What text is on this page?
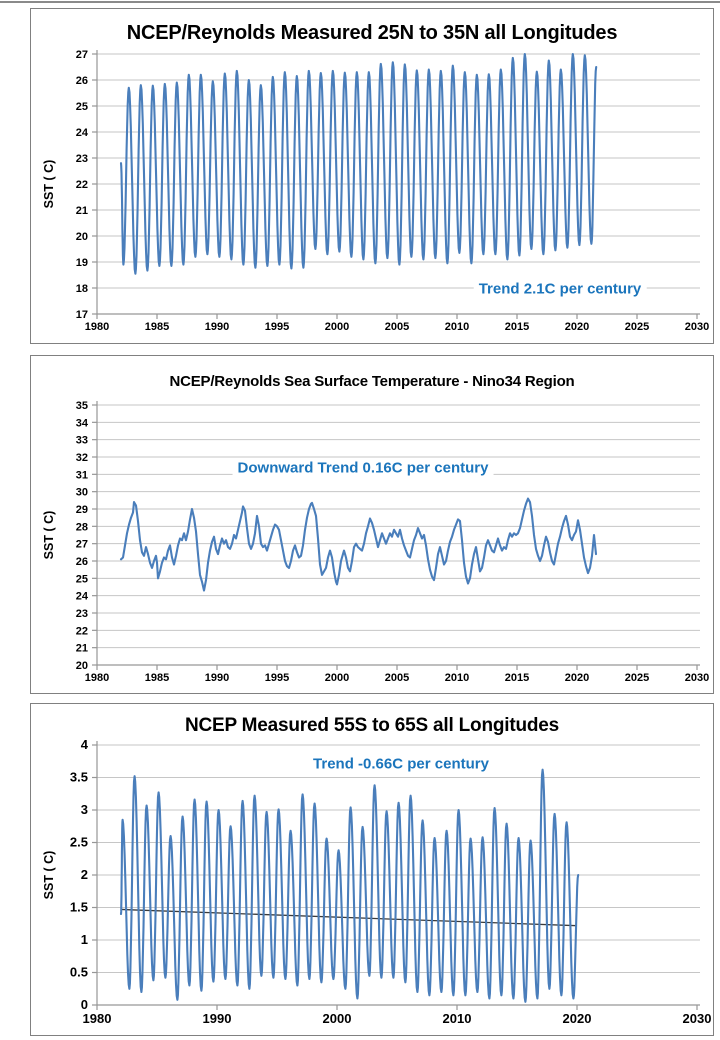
17
18
19
20
21
22
23
24
25
26
27
1980	1985	1990	1995	2000	2005	2010	2015	2020	2025	2030
NCEP/Reynolds Measured 25N to 35N all Longitudes
SST ( C)
Trend 2.1C per century
20
21
22
23
24
25
26
27
28
29
30
31
32
33
34
35
1980	1985	1990	1995	2000	2005	2010	2015	2020	2025	2030
NCEP/Reynolds Sea Surface Temperature - Nino34 Region
SST ( C)
Downward Trend 0.16C per century
0
0.5
1
1.5
2
2.5
3
3.5
4
1980	1990	2000	2010	2020	2030
NCEP Measured 55S to 65S all Longitudes
SST ( C)
Trend -0.66C per century
